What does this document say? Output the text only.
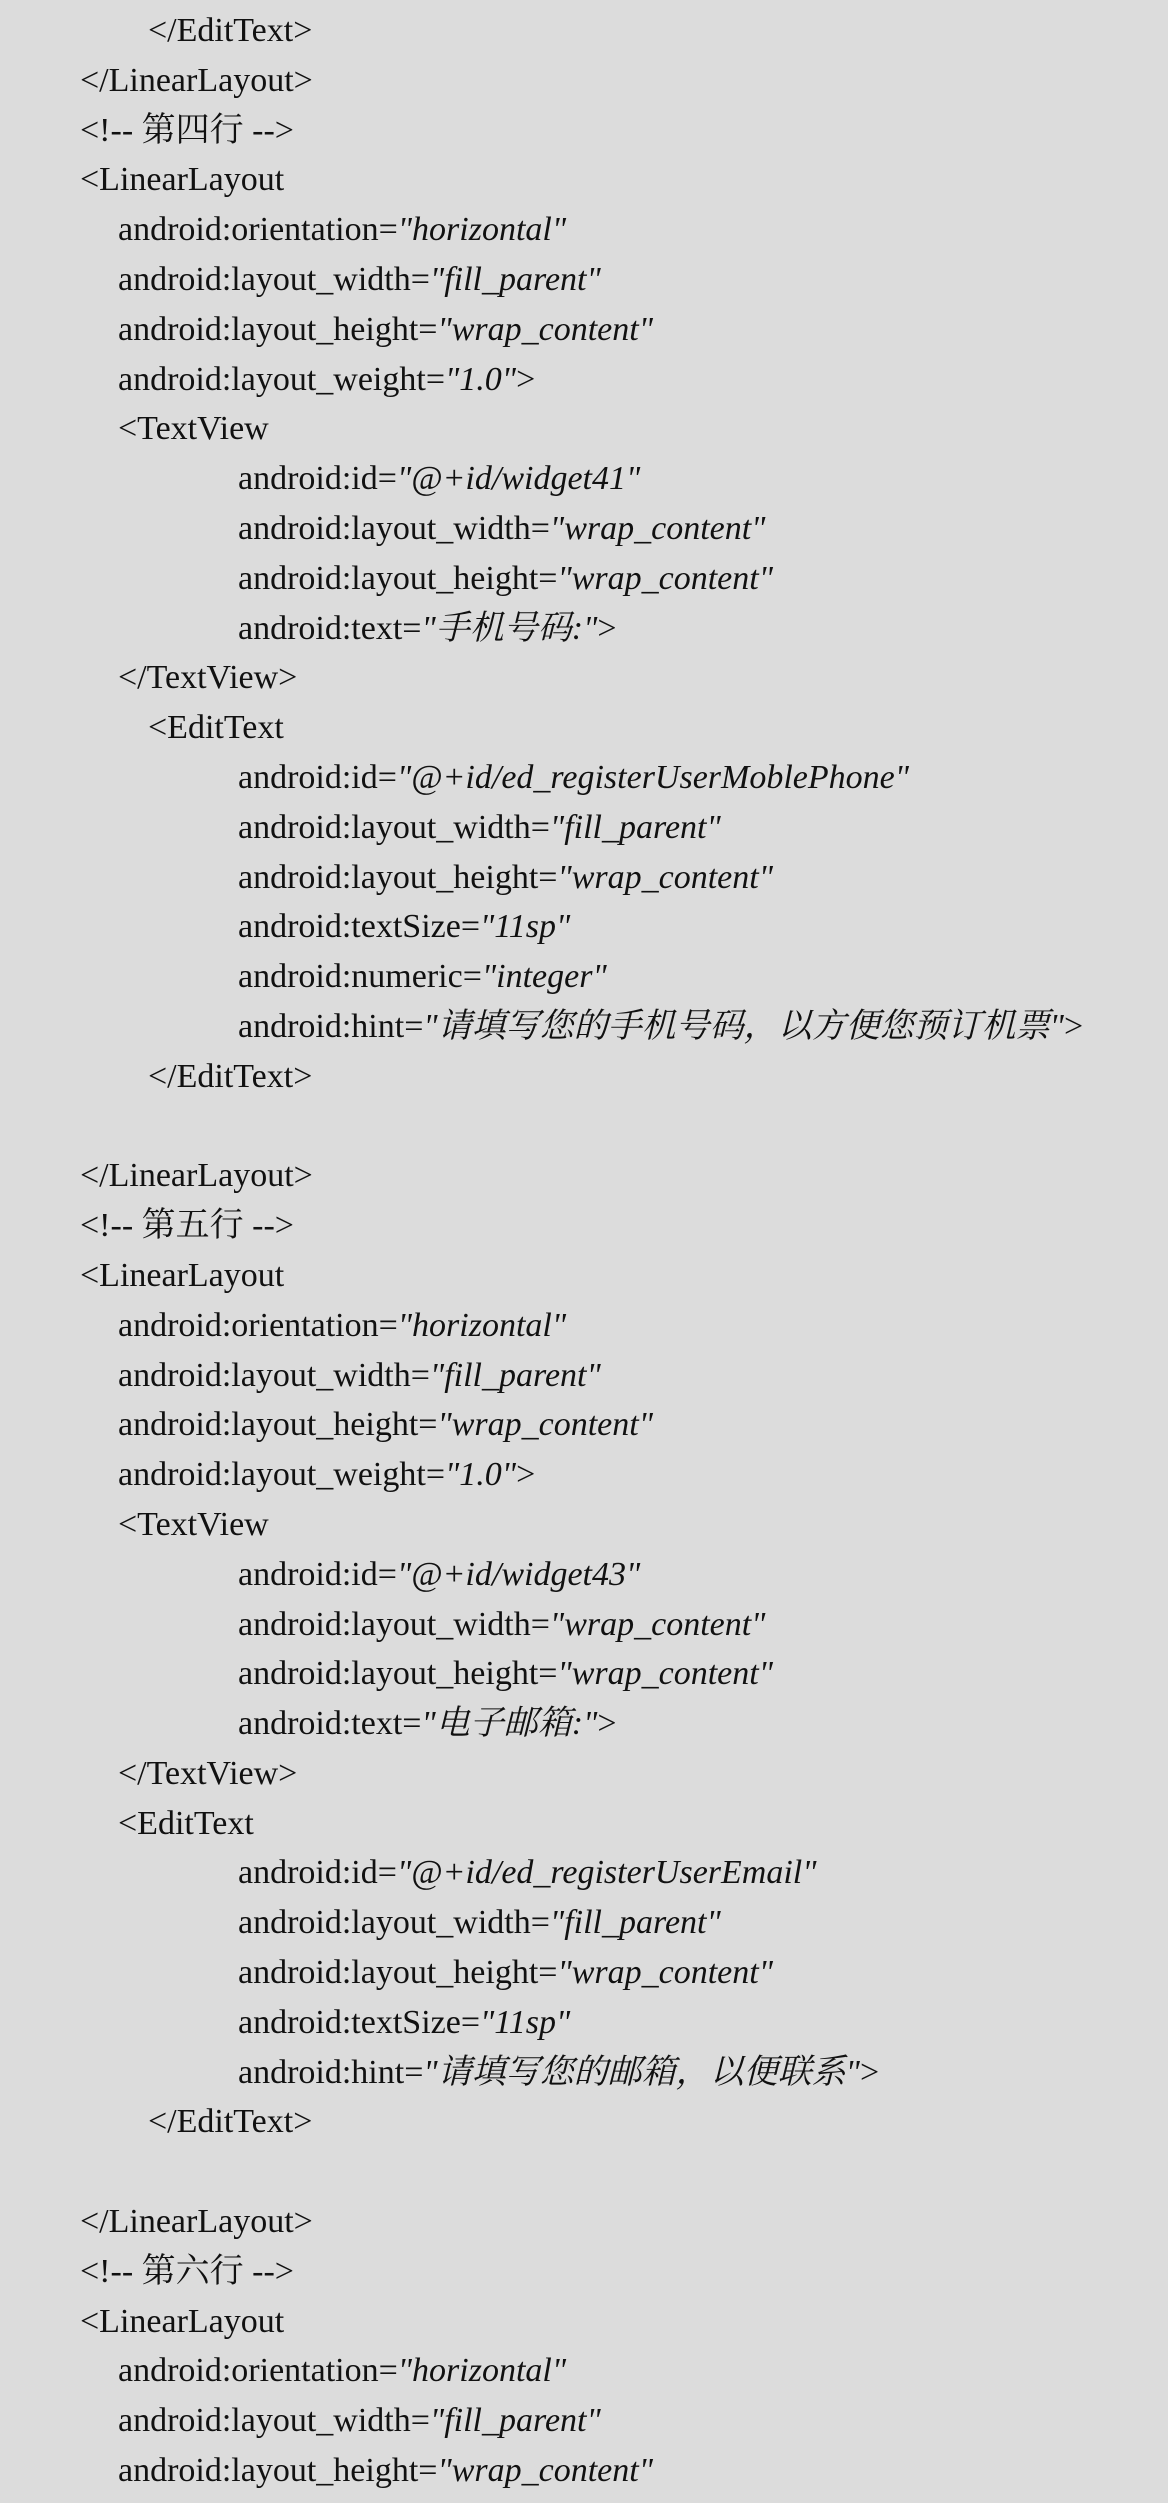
</EditText>
</LinearLayout>
<!-- 第四行 -->
<LinearLayout
android:orientation="horizontal"
android:layout_width="fill_parent"
android:layout_height="wrap_content"
android:layout_weight="1.0">
<TextView
android:id="@+id/widget41"
android:layout_width="wrap_content"
android:layout_height="wrap_content"
android:text="手机号码:">
</TextView>
<EditText
android:id="@+id/ed_registerUserMoblePhone"
android:layout_width="fill_parent"
android:layout_height="wrap_content"
android:textSize="11sp"
android:numeric="integer"
android:hint="请填写您的手机号码，以方便您预订机票">
</EditText>
</LinearLayout>
<!-- 第五行 -->
<LinearLayout
android:orientation="horizontal"
android:layout_width="fill_parent"
android:layout_height="wrap_content"
android:layout_weight="1.0">
<TextView
android:id="@+id/widget43"
android:layout_width="wrap_content"
android:layout_height="wrap_content"
android:text="电子邮箱:">
</TextView>
<EditText
android:id="@+id/ed_registerUserEmail"
android:layout_width="fill_parent"
android:layout_height="wrap_content"
android:textSize="11sp"
android:hint="请填写您的邮箱，以便联系">
</EditText>
</LinearLayout>
<!-- 第六行 -->
<LinearLayout
android:orientation="horizontal"
android:layout_width="fill_parent"
android:layout_height="wrap_content"
